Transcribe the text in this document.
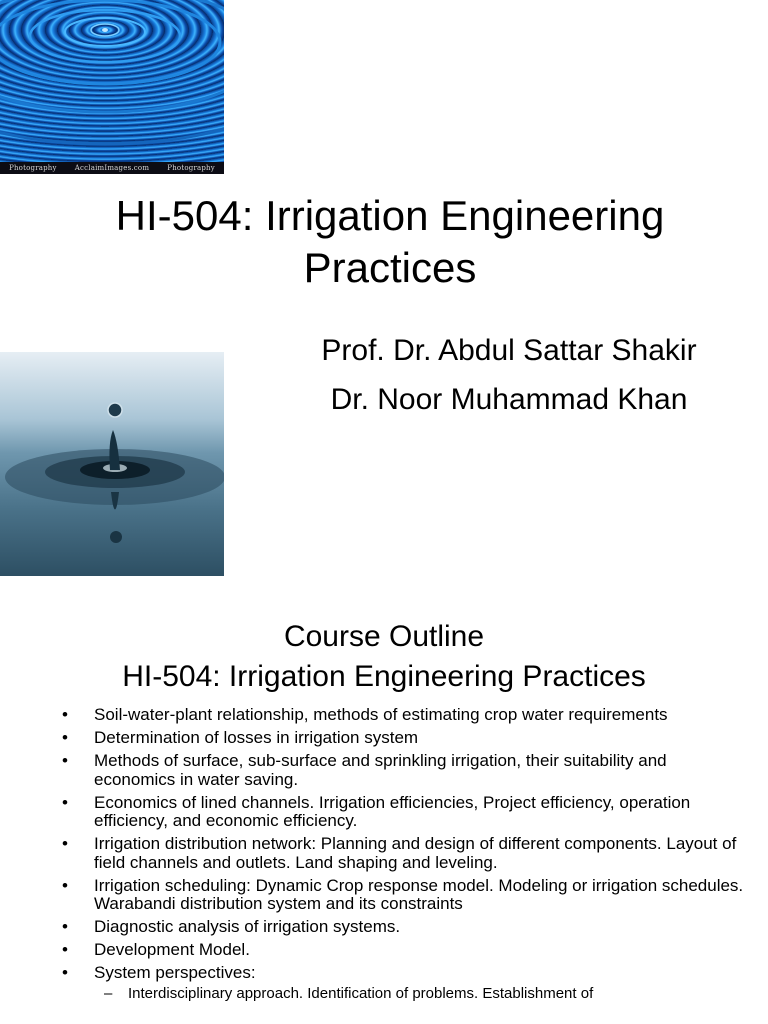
Photography	AcclaimImages.com	Photography
HI-504: Irrigation Engineering
Practices
Prof. Dr. Abdul Sattar Shakir
Dr. Noor Muhammad Khan
Course Outline
HI-504: Irrigation Engineering Practices
• Soil-water-plant relationship, methods of estimating crop water requirements
• Determination of losses in irrigation system
• Methods of surface, sub-surface and sprinkling irrigation, their suitability and economics in water saving.
• Economics of lined channels. Irrigation efficiencies, Project efficiency, operation efficiency, and economic efficiency.
• Irrigation distribution network: Planning and design of different components. Layout of field channels and outlets. Land shaping and leveling.
• Irrigation scheduling: Dynamic Crop response model. Modeling or irrigation schedules. Warabandi distribution system and its constraints
• Diagnostic analysis of irrigation systems.
• Development Model.
• System perspectives:
– Interdisciplinary approach. Identification of problems. Establishment of
